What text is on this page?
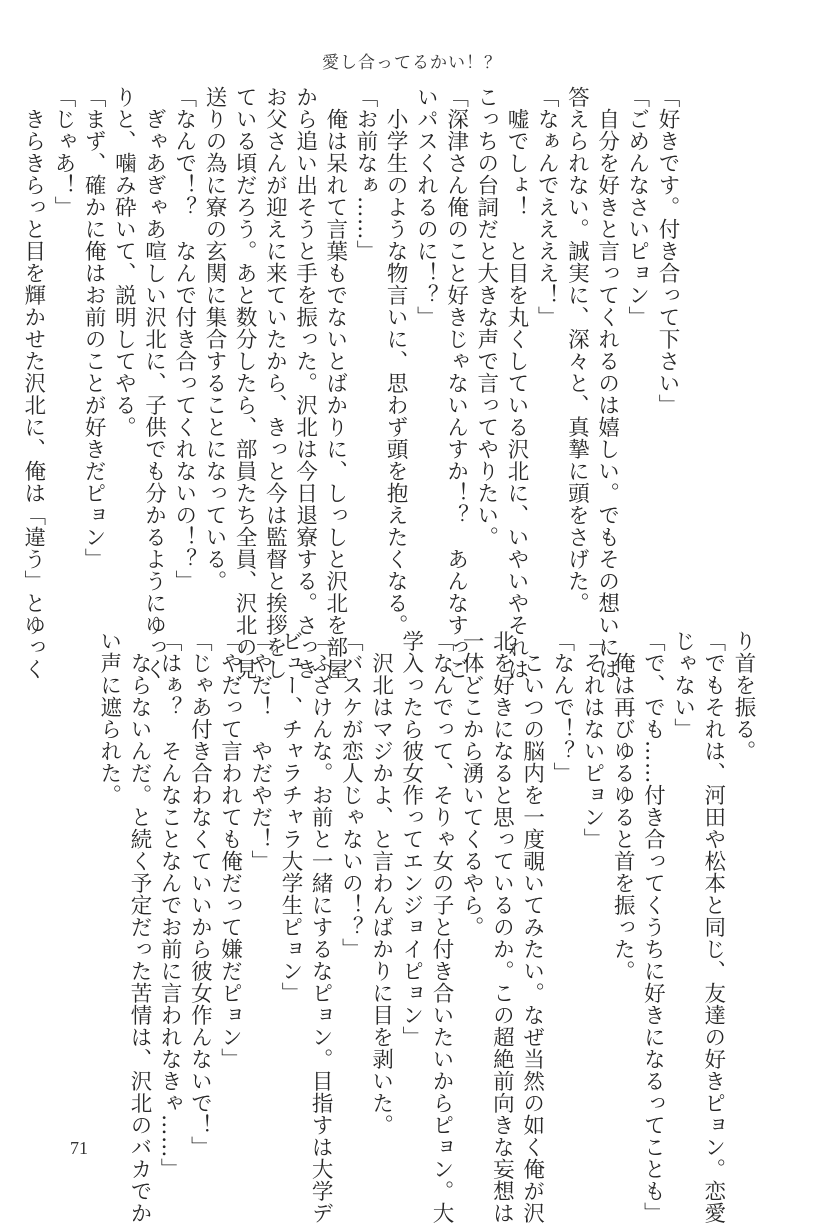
愛し合ってるかい！？
「好きです。付き合って下さい」
「ごめんなさいピョン」
　自分を好きと言ってくれるのは嬉しい。でもその想いには
答えられない。誠実に、深々と、真摯に頭をさげた。
「なぁんでええええ！」
　嘘でしょ！　と目を丸くしている沢北に、いやいやそれは
こっちの台詞だと大きな声で言ってやりたい。
「深津さん俺のこと好きじゃないんすか！？　あんなすっご
いパスくれるのに！？」
　小学生のような物言いに、思わず頭を抱えたくなる。
「お前なぁ……」
　俺は呆れて言葉もでないとばかりに、しっしと沢北を部屋
から追い出そうと手を振った。沢北は今日退寮する。さっき
お父さんが迎えに来ていたから、きっと今は監督と挨拶をし
ている頃だろう。あと数分したら、部員たち全員、沢北の見
送りの為に寮の玄関に集合することになっている。
「なんで！？　なんで付き合ってくれないの！？」
　ぎゃあぎゃあ喧しい沢北に、子供でも分かるようにゆっく
りと、噛み砕いて、説明してやる。
「まず、確かに俺はお前のことが好きだピョン」
「じゃあ！」
　きらきらっと目を輝かせた沢北に、俺は「違う」とゆっく
り首を振る。
「でもそれは、河田や松本と同じ、友達の好きピョン。恋愛
じゃない」
「で、でも……付き合ってくうちに好きになるってことも」
　俺は再びゆるゆると首を振った。
「それはないピョン」
「なんで！？」
　こいつの脳内を一度覗いてみたい。なぜ当然の如く俺が沢
北を好きになると思っているのか。この超絶前向きな妄想は
一体どこから湧いてくるやら。
「なんでって、そりゃ女の子と付き合いたいからピョン。大
学入ったら彼女作ってエンジョイピョン」
　沢北はマジかよ、と言わんばかりに目を剥いた。
「バスケが恋人じゃないの！？」
「ふざけんな。お前と一緒にするなピョン。目指すは大学デ
ビュー、チャラチャラ大学生ピョン」
「やだ！　やだやだ！」
「やだって言われても俺だって嫌だピョン」
「じゃあ付き合わなくていいから彼女作んないで！」
「はぁ？　そんなことなんでお前に言われなきゃ……」
　ならないんだ。と続く予定だった苦情は、沢北のバカでか
い声に遮られた。
71
